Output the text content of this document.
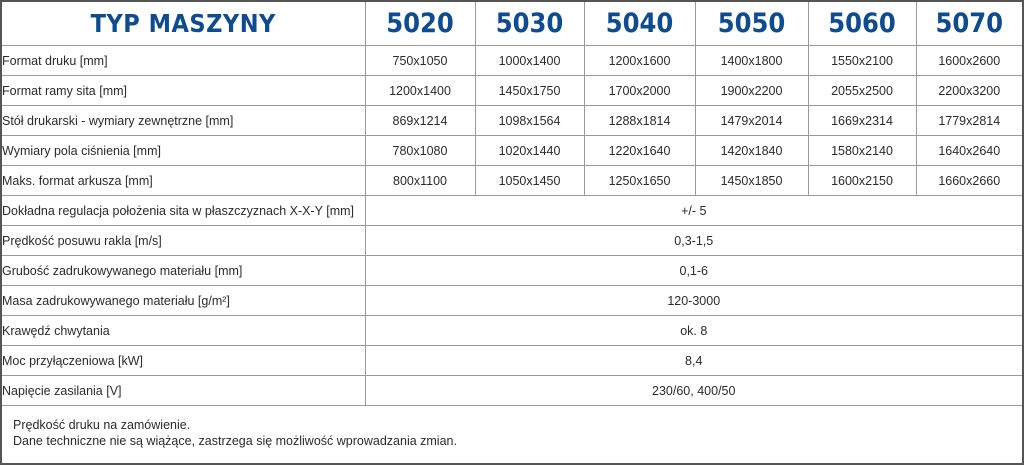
TYP MASZYNY	5020	5030	5040	5050	5060	5070
Format druku [mm]	750x1050	1000x1400	1200x1600	1400x1800	1550x2100	1600x2600
Format ramy sita [mm]	1200x1400	1450x1750	1700x2000	1900x2200	2055x2500	2200x3200
Stół drukarski - wymiary zewnętrzne [mm]	869x1214	1098x1564	1288x1814	1479x2014	1669x2314	1779x2814
Wymiary pola ciśnienia [mm]	780x1080	1020x1440	1220x1640	1420x1840	1580x2140	1640x2640
Maks. format arkusza [mm]	800x1100	1050x1450	1250x1650	1450x1850	1600x2150	1660x2660
Dokładna regulacja położenia sita w płaszczyznach X-X-Y [mm]	+/- 5					
Prędkość posuwu rakla [m/s]	0,3-1,5					
Grubość zadrukowywanego materiału [mm]	0,1-6					
Masa zadrukowywanego materiału [g/m²]	120-3000					
Krawędź chwytania	ok. 8					
Moc przyłączeniowa [kW]	8,4					
Napięcie zasilania [V]	230/60, 400/50					
Prędkość druku na zamówienie.
Dane techniczne nie są wiążące, zastrzega się możliwość wprowadzania zmian.
